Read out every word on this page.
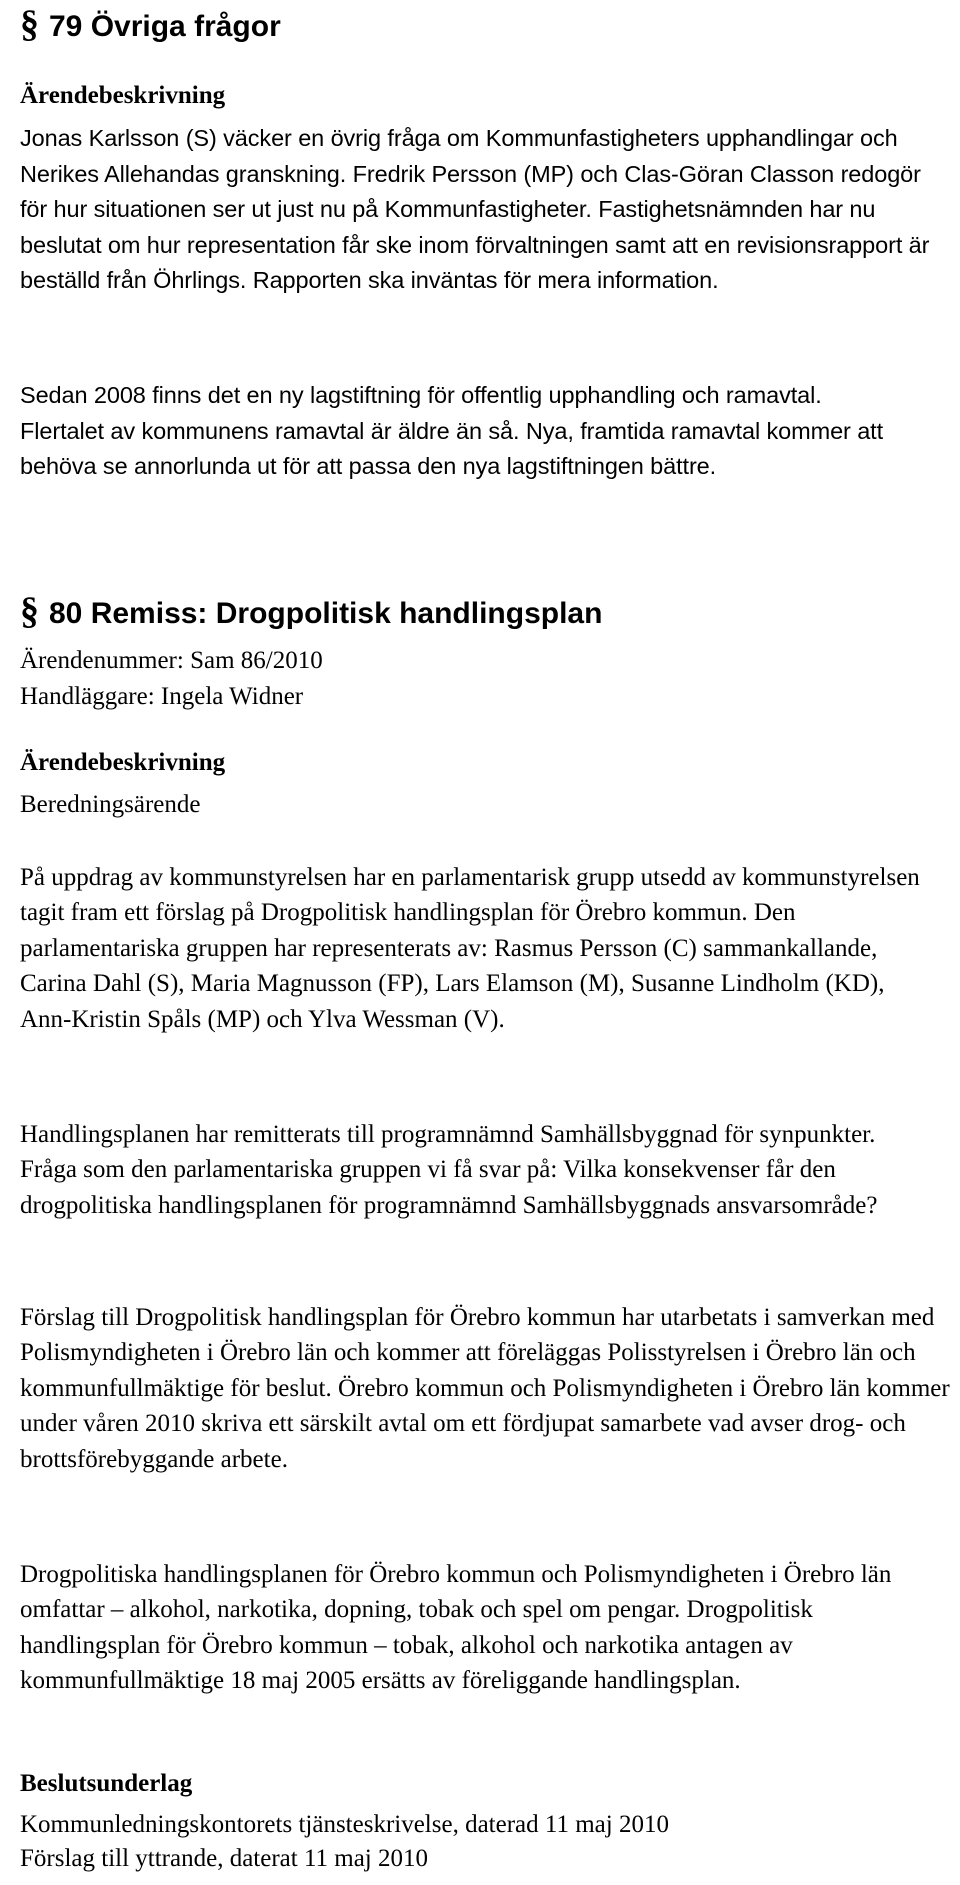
§ 79 Övriga frågor
Ärendebeskrivning

Jonas Karlsson (S) väcker en övrig fråga om Kommunfastigheters upphandlingar och Nerikes Allehandas granskning. Fredrik Persson (MP) och Clas-Göran Classon redogör för hur situationen ser ut just nu på Kommunfastigheter. Fastighetsnämnden har nu beslutat om hur representation får ske inom förvaltningen samt att en revisionsrapport är beställd från Öhrlings. Rapporten ska inväntas för mera information.

Sedan 2008 finns det en ny lagstiftning för offentlig upphandling och ramavtal. Flertalet av kommunens ramavtal är äldre än så. Nya, framtida ramavtal kommer att behöva se annorlunda ut för att passa den nya lagstiftningen bättre.

§ 80 Remiss: Drogpolitisk handlingsplan

Ärendenummer: Sam 86/2010

Handläggare: Ingela Widner

Ärendebeskrivning

Beredningsärende

På uppdrag av kommunstyrelsen har en parlamentarisk grupp utsedd av kommunstyrelsen tagit fram ett förslag på Drogpolitisk handlingsplan för Örebro kommun. Den parlamentariska gruppen har representerats av: Rasmus Persson (C) sammankallande, Carina Dahl (S), Maria Magnusson (FP), Lars Elamson (M), Susanne Lindholm (KD), Ann-Kristin Spåls (MP) och Ylva Wessman (V).

Handlingsplanen har remitterats till programnämnd Samhällsbyggnad för synpunkter. Fråga som den parlamentariska gruppen vi få svar på: Vilka konsekvenser får den drogpolitiska handlingsplanen för programnämnd Samhällsbyggnads ansvarsområde?

Förslag till Drogpolitisk handlingsplan för Örebro kommun har utarbetats i samverkan med Polismyndigheten i Örebro län och kommer att föreläggas Polisstyrelsen i Örebro län och kommunfullmäktige för beslut. Örebro kommun och Polismyndigheten i Örebro län kommer under våren 2010 skriva ett särskilt avtal om ett fördjupat samarbete vad avser drog- och brottsförebyggande arbete.

Drogpolitiska handlingsplanen för Örebro kommun och Polismyndigheten i Örebro län omfattar – alkohol, narkotika, dopning, tobak och spel om pengar. Drogpolitisk handlingsplan för Örebro kommun – tobak, alkohol och narkotika antagen av kommunfullmäktige 18 maj 2005 ersätts av föreliggande handlingsplan.

Beslutsunderlag

Kommunledningskontorets tjänsteskrivelse, daterad 11 maj 2010

Förslag till yttrande, daterat 11 maj 2010
